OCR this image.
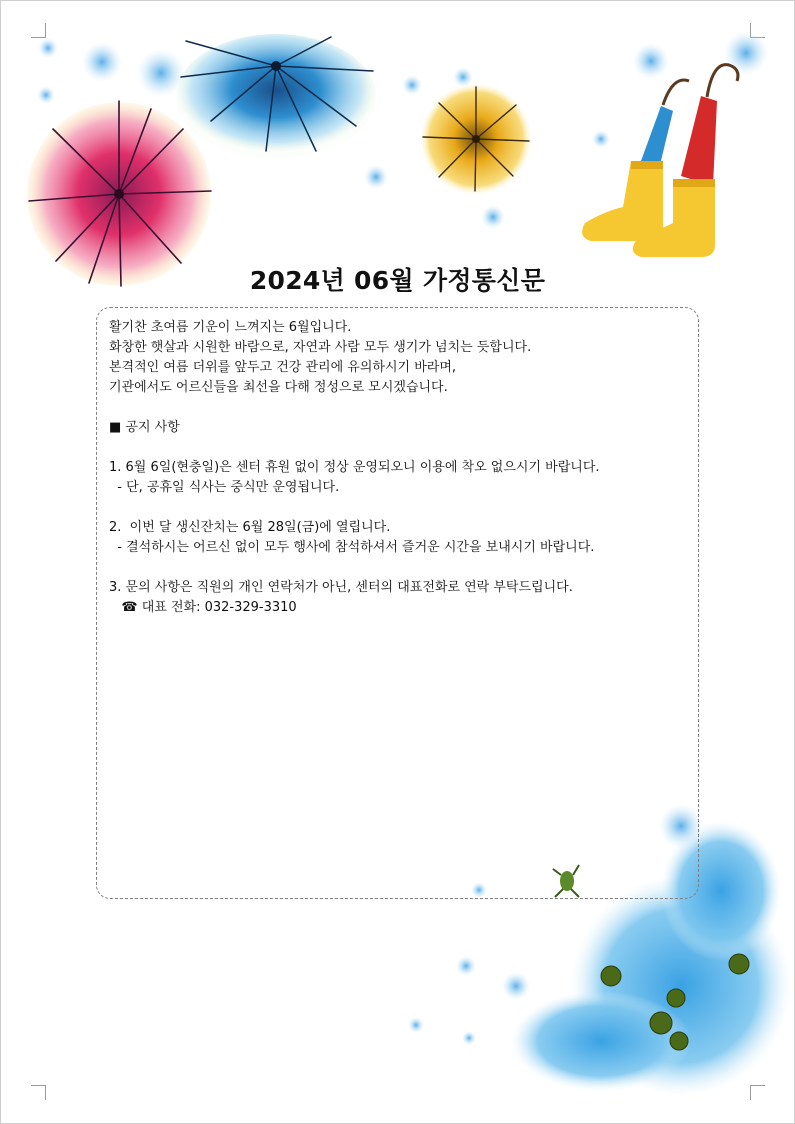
2024년 06월 가정통신문
활기찬 초여름 기운이 느껴지는 6월입니다.
화창한 햇살과 시원한 바람으로, 자연과 사람 모두 생기가 넘치는 듯합니다.
본격적인 여름 더위를 앞두고 건강 관리에 유의하시기 바라며,
기관에서도 어르신들을 최선을 다해 정성으로 모시겠습니다.
■ 공지 사항
1. 6월 6일(현충일)은 센터 휴원 없이 정상 운영되오니 이용에 착오 없으시기 바랍니다.
- 단, 공휴일 식사는 중식만 운영됩니다.
2.  이번 달 생신잔치는 6월 28일(금)에 열립니다.
- 결석하시는 어르신 없이 모두 행사에 참석하셔서 즐거운 시간을 보내시기 바랍니다.
3. 문의 사항은 직원의 개인 연락처가 아닌, 센터의 대표전화로 연락 부탁드립니다.
☎ 대표 전화: 032-329-3310
